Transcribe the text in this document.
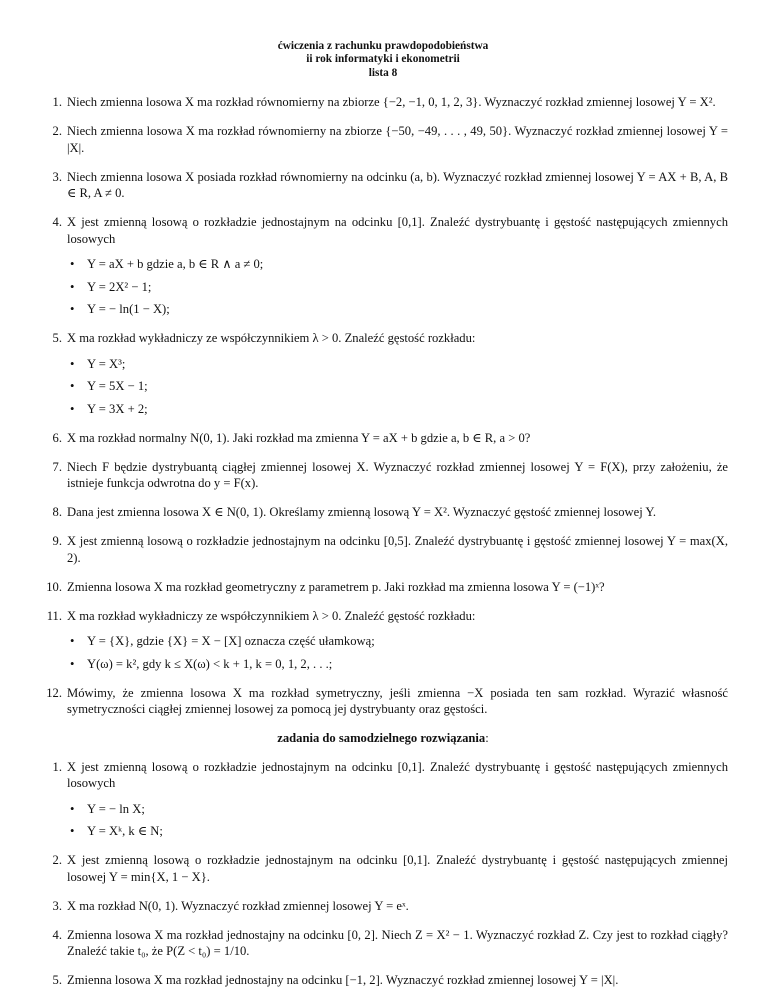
ćwiczenia z rachunku prawdopodobieństwa
ii rok informatyki i ekonometrii
lista 8
1. Niech zmienna losowa X ma rozkład równomierny na zbiorze {−2, −1, 0, 1, 2, 3}. Wyznaczyć rozkład zmiennej losowej Y = X².
2. Niech zmienna losowa X ma rozkład równomierny na zbiorze {−50, −49, . . . , 49, 50}. Wyznaczyć rozkład zmiennej losowej Y = |X|.
3. Niech zmienna losowa X posiada rozkład równomierny na odcinku (a, b). Wyznaczyć rozkład zmiennej losowej Y = AX + B, A, B ∈ R, A ≠ 0.
4. X jest zmienną losową o rozkładzie jednostajnym na odcinku [0,1]. Znaleźć dystrybuantę i gęstość następujących zmiennych losowych
• Y = aX + b gdzie a, b ∈ R ∧ a ≠ 0;
• Y = 2X² − 1;
• Y = − ln(1 − X);
5. X ma rozkład wykładniczy ze współczynnikiem λ > 0. Znaleźć gęstość rozkładu:
• Y = X³;
• Y = 5X − 1;
• Y = 3X + 2;
6. X ma rozkład normalny N(0, 1). Jaki rozkład ma zmienna Y = aX + b gdzie a, b ∈ R, a > 0?
7. Niech F będzie dystrybuantą ciągłej zmiennej losowej X. Wyznaczyć rozkład zmiennej losowej Y = F(X), przy założeniu, że istnieje funkcja odwrotna do y = F(x).
8. Dana jest zmienna losowa X ∈ N(0, 1). Określamy zmienną losową Y = X². Wyznaczyć gęstość zmiennej losowej Y.
9. X jest zmienną losową o rozkładzie jednostajnym na odcinku [0,5]. Znaleźć dystrybuantę i gęstość zmiennej losowej Y = max(X, 2).
10. Zmienna losowa X ma rozkład geometryczny z parametrem p. Jaki rozkład ma zmienna losowa Y = (−1)ˣ?
11. X ma rozkład wykładniczy ze współczynnikiem λ > 0. Znaleźć gęstość rozkładu:
• Y = {X}, gdzie {X} = X − [X] oznacza część ułamkową;
• Y(ω) = k², gdy k ≤ X(ω) < k + 1, k = 0, 1, 2, . . .;
12. Mówimy, że zmienna losowa X ma rozkład symetryczny, jeśli zmienna −X posiada ten sam rozkład. Wyrazić własność symetryczności ciągłej zmiennej losowej za pomocą jej dystrybuanty oraz gęstości.
zadania do samodzielnego rozwiązania:
1. X jest zmienną losową o rozkładzie jednostajnym na odcinku [0,1]. Znaleźć dystrybuantę i gęstość następujących zmiennych losowych
• Y = − ln X;
• Y = Xᵏ, k ∈ N;
2. X jest zmienną losową o rozkładzie jednostajnym na odcinku [0,1]. Znaleźć dystrybuantę i gęstość następujących zmiennej losowej Y = min{X, 1 − X}.
3. X ma rozkład N(0, 1). Wyznaczyć rozkład zmiennej losowej Y = eˣ.
4. Zmienna losowa X ma rozkład jednostajny na odcinku [0, 2]. Niech Z = X² − 1. Wyznaczyć rozkład Z. Czy jest to rozkład ciągły? Znaleźć takie t₀, że P(Z < t₀) = 1/10.
5. Zmienna losowa X ma rozkład jednostajny na odcinku [−1, 2]. Wyznaczyć rozkład zmiennej losowej Y = |X|.
